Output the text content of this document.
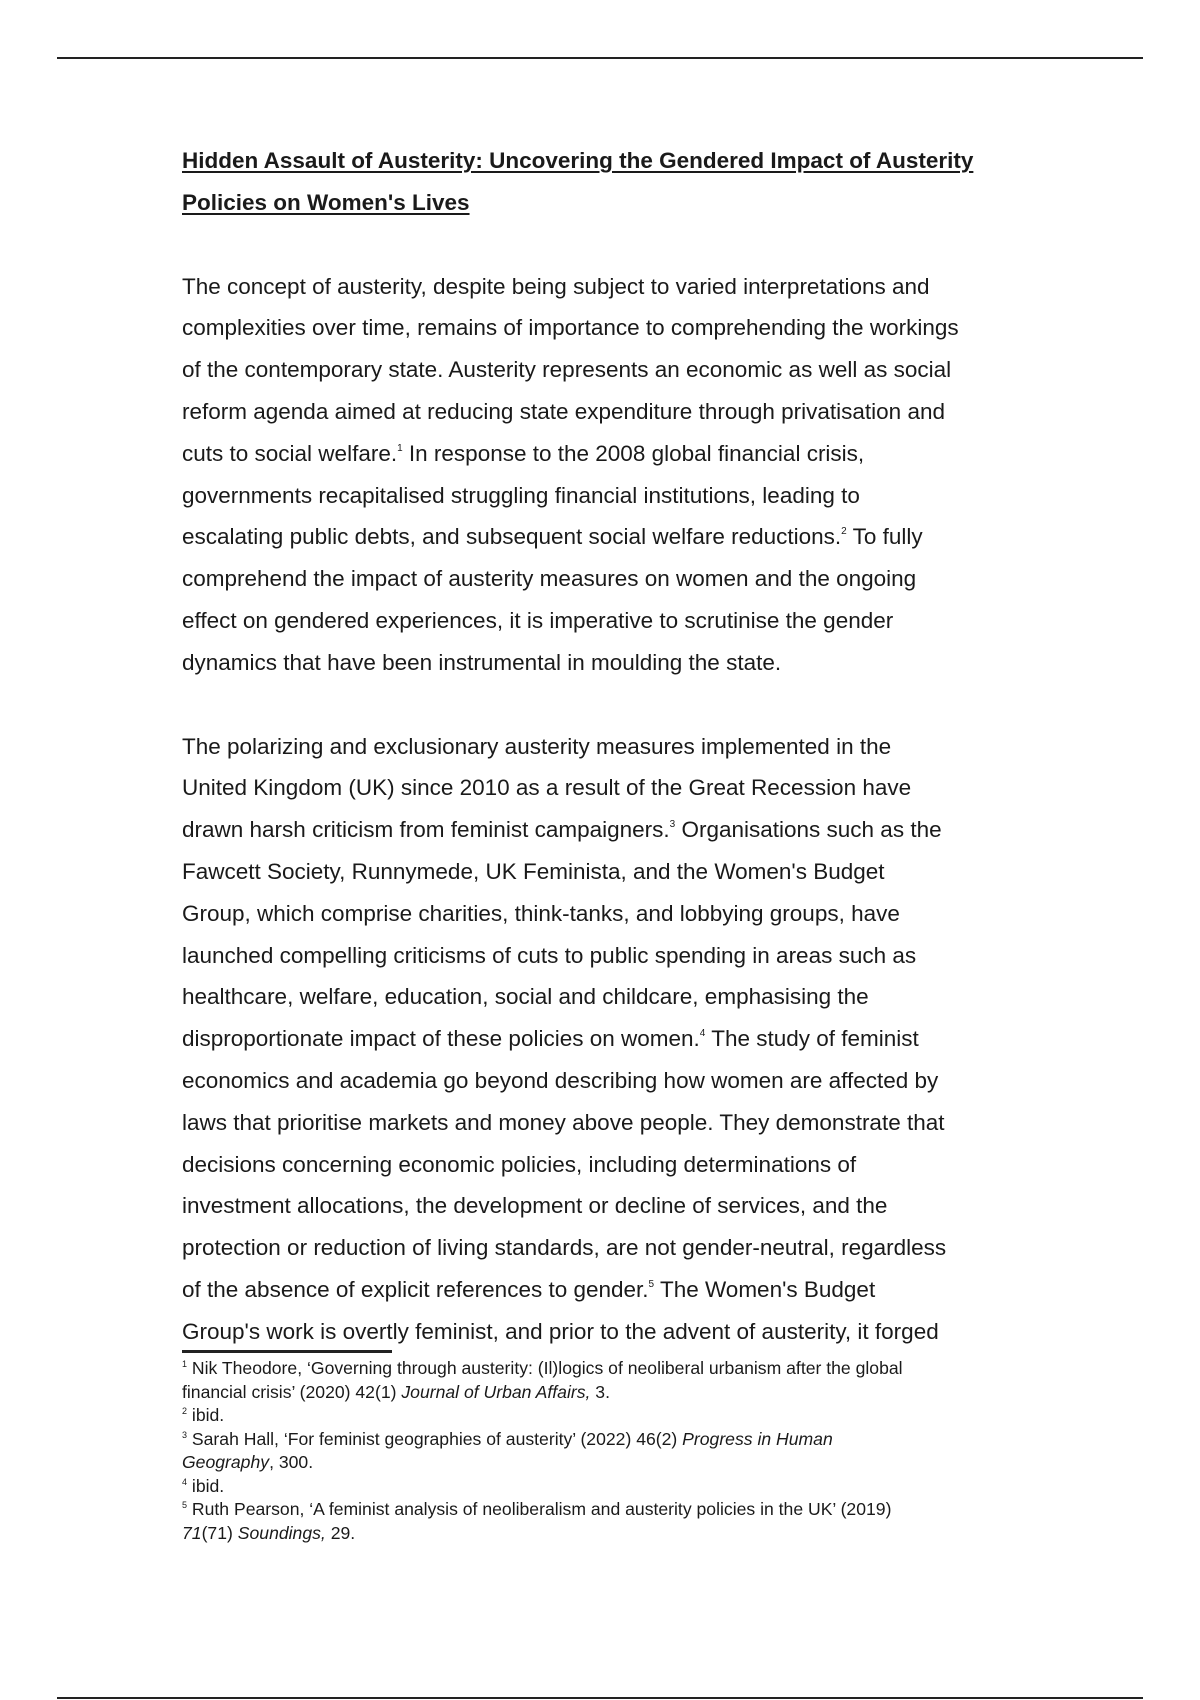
Hidden Assault of Austerity: Uncovering the Gendered Impact of Austerity
Policies on Women's Lives
The concept of austerity, despite being subject to varied interpretations and
complexities over time, remains of importance to comprehending the workings
of the contemporary state. Austerity represents an economic as well as social
reform agenda aimed at reducing state expenditure through privatisation and
cuts to social welfare.$^1$ In response to the 2008 global financial crisis,
governments recapitalised struggling financial institutions, leading to
escalating public debts, and subsequent social welfare reductions.$^2$ To fully
comprehend the impact of austerity measures on women and the ongoing
effect on gendered experiences, it is imperative to scrutinise the gender
dynamics that have been instrumental in moulding the state.
The polarizing and exclusionary austerity measures implemented in the
United Kingdom (UK) since 2010 as a result of the Great Recession have
drawn harsh criticism from feminist campaigners.$^3$ Organisations such as the
Fawcett Society, Runnymede, UK Feminista, and the Women's Budget
Group, which comprise charities, think-tanks, and lobbying groups, have
launched compelling criticisms of cuts to public spending in areas such as
healthcare, welfare, education, social and childcare, emphasising the
disproportionate impact of these policies on women.$^4$ The study of feminist
economics and academia go beyond describing how women are affected by
laws that prioritise markets and money above people. They demonstrate that
decisions concerning economic policies, including determinations of
investment allocations, the development or decline of services, and the
protection or reduction of living standards, are not gender-neutral, regardless
of the absence of explicit references to gender.$^5$ The Women's Budget
Group's work is overtly feminist, and prior to the advent of austerity, it forged
$^1$ Nik Theodore, ‘Governing through austerity: (Il)logics of neoliberal urbanism after the global
financial crisis’ (2020) 42(1) Journal of Urban Affairs, 3.
$^2$ ibid.
$^3$ Sarah Hall, ‘For feminist geographies of austerity’ (2022) 46(2) Progress in Human
Geography, 300.
$^4$ ibid.
$^5$ Ruth Pearson, ‘A feminist analysis of neoliberalism and austerity policies in the UK’ (2019)
71(71) Soundings, 29.
